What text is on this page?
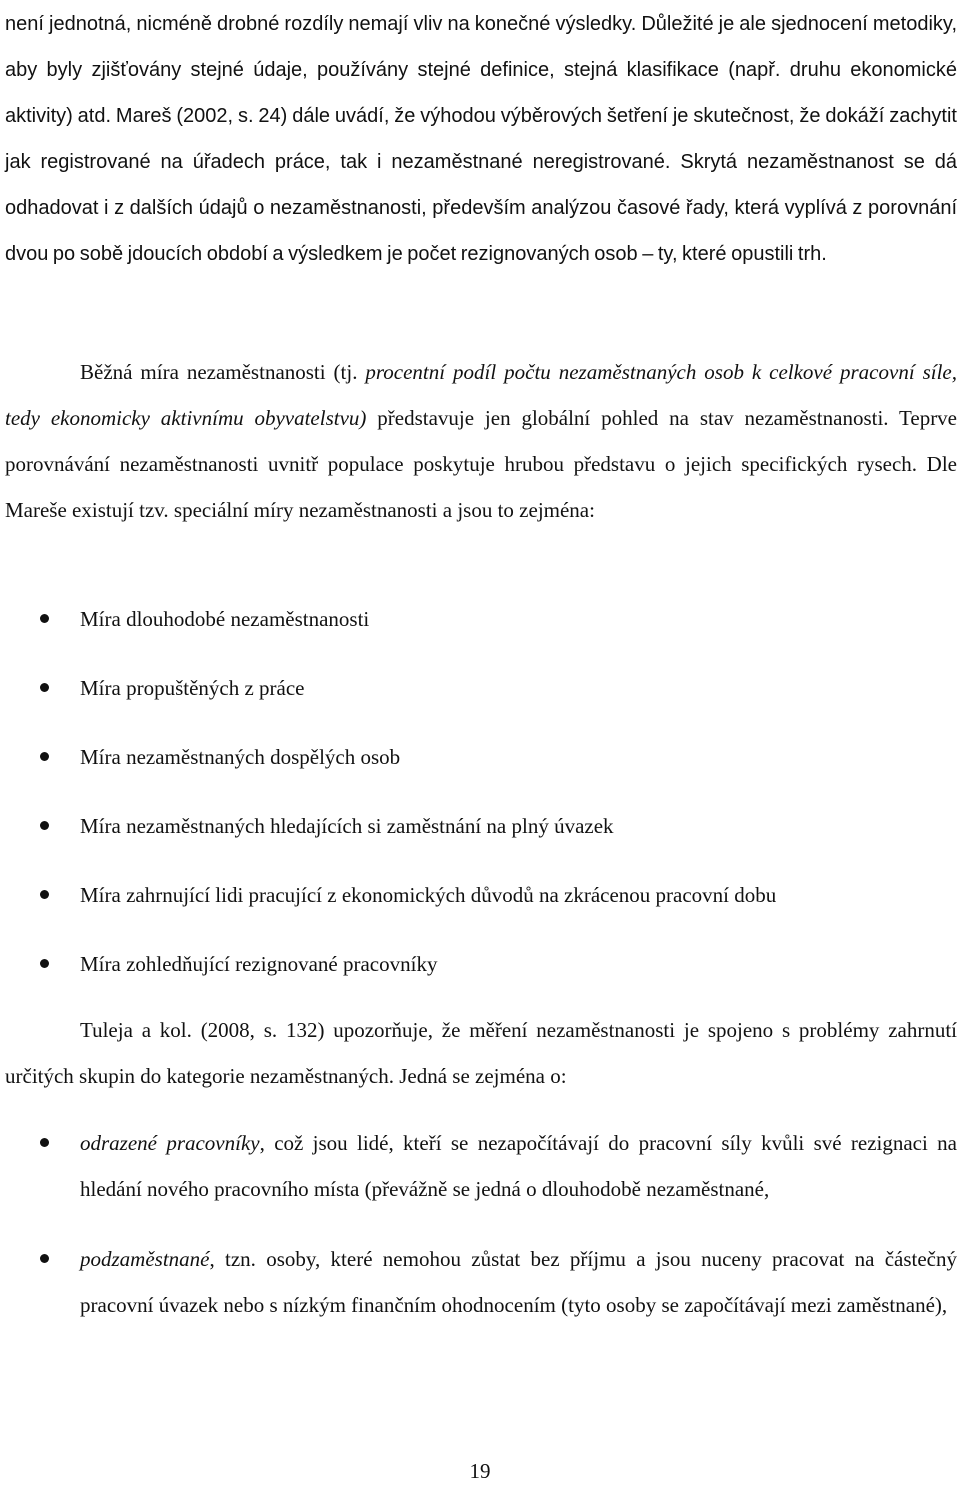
není jednotná, nicméně drobné rozdíly nemají vliv na konečné výsledky. Důležité je ale sjednocení metodiky, aby byly zjišťovány stejné údaje, používány stejné definice, stejná klasifikace (např. druhu ekonomické aktivity) atd. Mareš (2002, s. 24) dále uvádí, že výhodou výběrových šetření je skutečnost, že dokáží zachytit jak registrované na úřadech práce, tak i nezaměstnané neregistrované. Skrytá nezaměstnanost se dá odhadovat i z dalších údajů o nezaměstnanosti, především analýzou časové řady, která vyplívá z porovnání dvou po sobě jdoucích období a výsledkem je počet rezignovaných osob – ty, které opustili trh.

Běžná míra nezaměstnanosti (tj. procentní podíl počtu nezaměstnaných osob k celkové pracovní síle, tedy ekonomicky aktivnímu obyvatelstvu) představuje jen globální pohled na stav nezaměstnanosti. Teprve porovnávání nezaměstnanosti uvnitř populace poskytuje hrubou představu o jejich specifických rysech. Dle Mareše existují tzv. speciální míry nezaměstnanosti a jsou to zejména:

Míra dlouhodobé nezaměstnanosti
Míra propuštěných z práce
Míra nezaměstnaných dospělých osob
Míra nezaměstnaných hledajících si zaměstnání na plný úvazek
Míra zahrnující lidi pracující z ekonomických důvodů na zkrácenou pracovní dobu
Míra zohledňující rezignované pracovníky

Tuleja a kol. (2008, s. 132) upozorňuje, že měření nezaměstnanosti je spojeno s problémy zahrnutí určitých skupin do kategorie nezaměstnaných. Jedná se zejména o:

odrazené pracovníky, což jsou lidé, kteří se nezapočítávají do pracovní síly kvůli své rezignaci na hledání nového pracovního místa (převážně se jedná o dlouhodobě nezaměstnané,
podzaměstnané, tzn. osoby, které nemohou zůstat bez příjmu a jsou nuceny pracovat na částečný pracovní úvazek nebo s nízkým finančním ohodnocením (tyto osoby se započítávají mezi zaměstnané),
19
